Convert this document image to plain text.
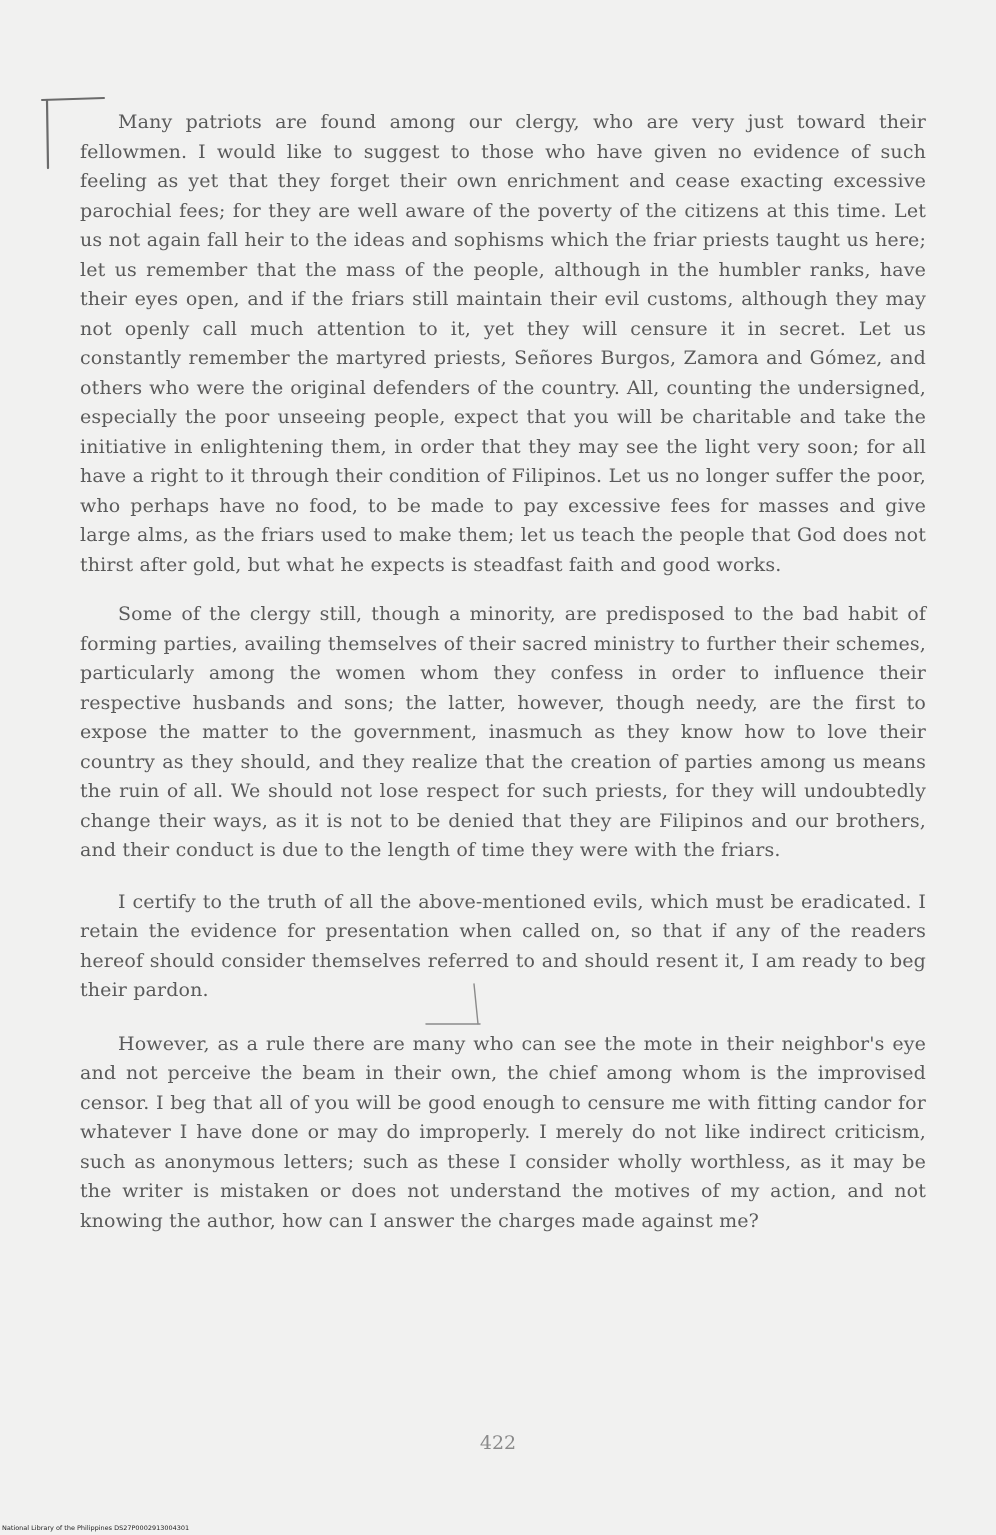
Many patriots are found among our clergy, who are very just toward their fellowmen. I would like to suggest to those who have given no evidence of such feeling as yet that they forget their own enrichment and cease exacting excessive parochial fees; for they are well aware of the poverty of the citizens at this time. Let us not again fall heir to the ideas and sophisms which the friar priests taught us here; let us remember that the mass of the people, although in the humbler ranks, have their eyes open, and if the friars still maintain their evil customs, although they may not openly call much attention to it, yet they will censure it in secret. Let us constantly remember the martyred priests, Señores Burgos, Zamora and Gómez, and others who were the original defenders of the country. All, counting the undersigned, especially the poor unseeing people, expect that you will be charitable and take the initiative in enlightening them, in order that they may see the light very soon; for all have a right to it through their condition of Filipinos. Let us no longer suffer the poor, who perhaps have no food, to be made to pay excessive fees for masses and give large alms, as the friars used to make them; let us teach the people that God does not thirst after gold, but what he expects is steadfast faith and good works.

Some of the clergy still, though a minority, are predisposed to the bad habit of forming parties, availing themselves of their sacred ministry to further their schemes, particularly among the women whom they confess in order to influence their respective husbands and sons; the latter, however, though needy, are the first to expose the matter to the government, inasmuch as they know how to love their country as they should, and they realize that the creation of parties among us means the ruin of all. We should not lose respect for such priests, for they will undoubtedly change their ways, as it is not to be denied that they are Filipinos and our brothers, and their conduct is due to the length of time they were with the friars.

I certify to the truth of all the above-mentioned evils, which must be eradicated. I retain the evidence for presentation when called on, so that if any of the readers hereof should consider themselves referred to and should resent it, I am ready to beg their pardon.

However, as a rule there are many who can see the mote in their neighbor's eye and not perceive the beam in their own, the chief among whom is the improvised censor. I beg that all of you will be good enough to censure me with fitting candor for whatever I have done or may do improperly. I merely do not like indirect criticism, such as anonymous letters; such as these I consider wholly worthless, as it may be the writer is mistaken or does not understand the motives of my action, and not knowing the author, how can I answer the charges made against me?

422
National Library of the Philippines DS27P0002913004301
